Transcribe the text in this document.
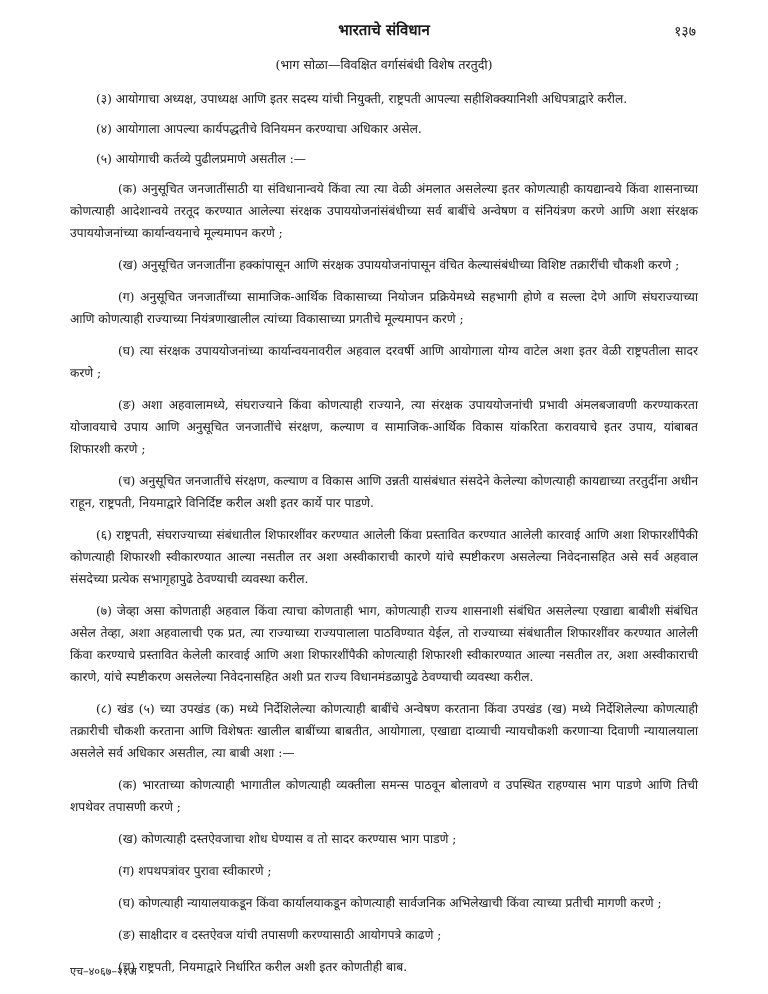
भारताचे संविधान	१३७
(भाग सोळा—विवक्षित वर्गासंबंधी विशेष तरतुदी)

(३) आयोगाचा अध्यक्ष, उपाध्यक्ष आणि इतर सदस्य यांची नियुक्ती, राष्ट्रपती आपल्या सहीशिक्क्यानिशी अधिपत्राद्वारे करील.

(४) आयोगाला आपल्या कार्यपद्धतीचे विनियमन करण्याचा अधिकार असेल.

(५) आयोगाची कर्तव्ये पुढीलप्रमाणे असतील :—

(क) अनुसूचित जनजातींसाठी या संविधानान्वये किंवा त्या त्या वेळी अंमलात असलेल्या इतर कोणत्याही कायद्यान्वये किंवा शासनाच्या कोणत्याही आदेशान्वये तरतूद करण्यात आलेल्या संरक्षक उपाययोजनांसंबंधीच्या सर्व बाबींचे अन्वेषण व संनियंत्रण करणे आणि अशा संरक्षक उपाययोजनांच्या कार्यान्वयनाचे मूल्यमापन करणे ;

(ख) अनुसूचित जनजातींना हक्कांपासून आणि संरक्षक उपाययोजनांपासून वंचित केल्यासंबंधीच्या विशिष्ट तक्रारींची चौकशी करणे ;

(ग) अनुसूचित जनजातींच्या सामाजिक-आर्थिक विकासाच्या नियोजन प्रक्रियेमध्ये सहभागी होणे व सल्ला देणे आणि संघराज्याच्या आणि कोणत्याही राज्याच्या नियंत्रणाखालील त्यांच्या विकासाच्या प्रगतीचे मूल्यमापन करणे ;

(घ) त्या संरक्षक उपाययोजनांच्या कार्यान्वयनावरील अहवाल दरवर्षी आणि आयोगाला योग्य वाटेल अशा इतर वेळी राष्ट्रपतीला सादर करणे ;

(ङ) अशा अहवालामध्ये, संघराज्याने किंवा कोणत्याही राज्याने, त्या संरक्षक उपाययोजनांची प्रभावी अंमलबजावणी करण्याकरता योजावयाचे उपाय आणि अनुसूचित जनजातींचे संरक्षण, कल्याण व सामाजिक-आर्थिक विकास यांकरिता करावयाचे इतर उपाय, यांबाबत शिफारशी करणे ;

(च) अनुसूचित जनजातींचे संरक्षण, कल्याण व विकास आणि उन्नती यासंबंधात संसदेने केलेल्या कोणत्याही कायद्याच्या तरतुदींना अधीन राहून, राष्ट्रपती, नियमाद्वारे विनिर्दिष्ट करील अशी इतर कार्ये पार पाडणे.

(६) राष्ट्रपती, संघराज्याच्या संबंधातील शिफारशींवर करण्यात आलेली किंवा प्रस्तावित करण्यात आलेली कारवाई आणि अशा शिफारशींपैकी कोणत्याही शिफारशी स्वीकारण्यात आल्या नसतील तर अशा अस्वीकाराची कारणे यांचे स्पष्टीकरण असलेल्या निवेदनासहित असे सर्व अहवाल संसदेच्या प्रत्येक सभागृहापुढे ठेवण्याची व्यवस्था करील.

(७) जेव्हा असा कोणताही अहवाल किंवा त्याचा कोणताही भाग, कोणत्याही राज्य शासनाशी संबंधित असलेल्या एखाद्या बाबीशी संबंधित असेल तेव्हा, अशा अहवालाची एक प्रत, त्या राज्याच्या राज्यपालाला पाठविण्यात येईल, तो राज्याच्या संबंधातील शिफारशींवर करण्यात आलेली किंवा करण्याचे प्रस्तावित केलेली कारवाई आणि अशा शिफारशींपैकी कोणत्याही शिफारशी स्वीकारण्यात आल्या नसतील तर, अशा अस्वीकाराची कारणे, यांचे स्पष्टीकरण असलेल्या निवेदनासहित अशी प्रत राज्य विधानमंडळापुढे ठेवण्याची व्यवस्था करील.

(८) खंड (५) च्या उपखंड (क) मध्ये निर्देशिलेल्या कोणत्याही बाबींचे अन्वेषण करताना किंवा उपखंड (ख) मध्ये निर्देशिलेल्या कोणत्याही तक्रारीची चौकशी करताना आणि विशेषतः खालील बाबींच्या बाबतीत, आयोगाला, एखाद्या दाव्याची न्यायचौकशी करणाऱ्या दिवाणी न्यायालयाला असलेले सर्व अधिकार असतील, त्या बाबी अशा :—

(क) भारताच्या कोणत्याही भागातील कोणत्याही व्यक्तीला समन्स पाठवून बोलावणे व उपस्थित राहण्यास भाग पाडणे आणि तिची शपथेवर तपासणी करणे ;

(ख) कोणत्याही दस्तऐवजाचा शोध घेण्यास व तो सादर करण्यास भाग पाडणे ;

(ग) शपथपत्रांवर पुरावा स्वीकारणे ;

(घ) कोणत्याही न्यायालयाकडून किंवा कार्यालयाकडून कोणत्याही सार्वजनिक अभिलेखाची किंवा त्याच्या प्रतीची मागणी करणे ;

(ङ) साक्षीदार व दस्तऐवज यांची तपासणी करण्यासाठी आयोगपत्रे काढणे ;

(च) राष्ट्रपती, नियमाद्वारे निर्धारित करील अशी इतर कोणतीही बाब.

एच–४०६७–२१अ
